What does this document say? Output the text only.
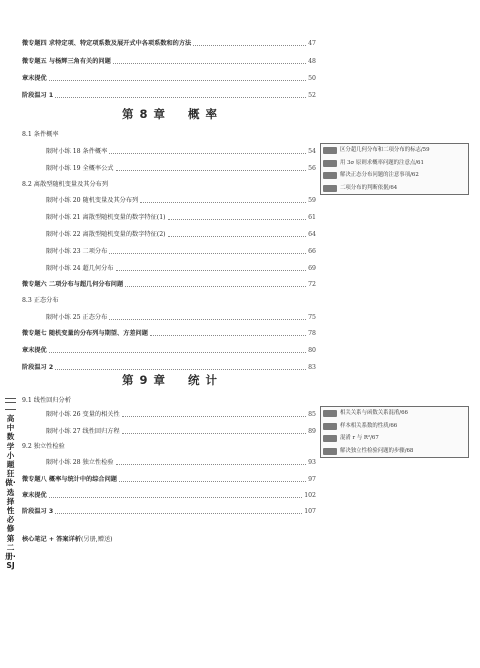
微专题四 求特定项、特定项系数及展开式中各项系数和的方法	47
微专题五 与杨辉三角有关的问题	48
章末提优	50
阶段温习 1	52
第 8 章 概 率
8.1 条件概率
限时小练 18 条件概率	54
限时小练 19 全概率公式	56
8.2 离散型随机变量及其分布列
限时小练 20 随机变量及其分布列	59
限时小练 21 离散型随机变量的数字特征(1)	61
限时小练 22 离散型随机变量的数字特征(2)	64
限时小练 23 二项分布	66
限时小练 24 超几何分布	69
微专题六 二项分布与超几何分布问题	72
8.3 正态分布
限时小练 25 正态分布	75
微专题七 随机变量的分布列与期望、方差问题	78
章末提优	80
阶段温习 2	83
区分超几何分布和二项分布的标志/59
用 3σ 原则求概率问题的注意点/61
解决正态分布问题的注意事项/62
二项分布的判断依据/64
第 9 章 统 计
9.1 线性回归分析
限时小练 26 变量的相关性	85
限时小练 27 线性回归方程	89
9.2 独立性检验
限时小练 28 独立性检验	93
微专题八 概率与统计中的综合问题	97
章末提优	102
阶段温习 3	107
相关关系与函数关系混淆/66
样本相关系数的性质/66
混淆 r 与 R²/67
解决独立性检验问题的步骤/68
核心笔记 + 答案详析(另册,赠送)
高中数学 小题狂做·选择性必修第二册·SJ
